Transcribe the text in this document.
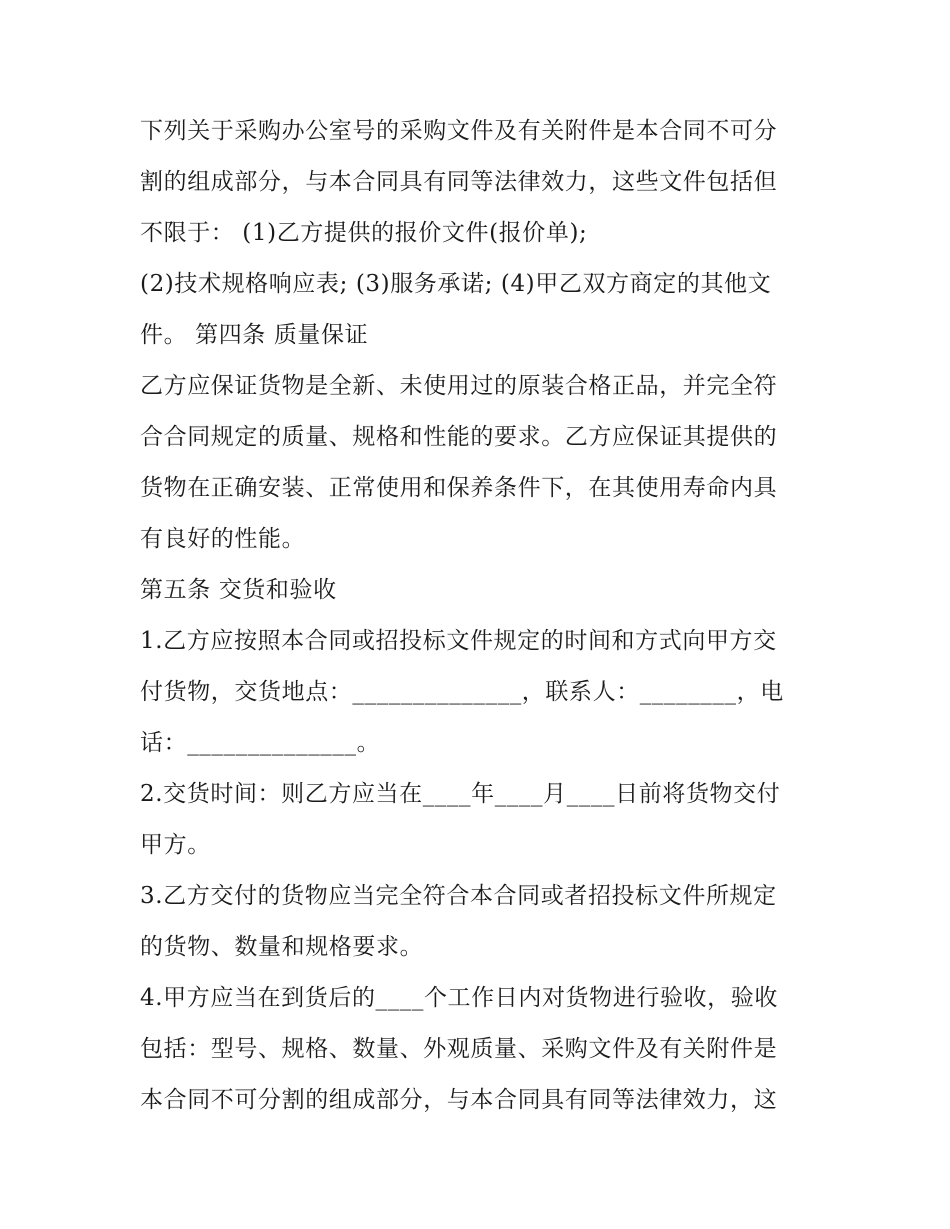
下列关于采购办公室号的采购文件及有关附件是本合同不可分
割的组成部分，与本合同具有同等法律效力，这些文件包括但
不限于： (1)乙方提供的报价文件(报价单);
(2)技术规格响应表; (3)服务承诺; (4)甲乙双方商定的其他文
件。 第四条 质量保证
乙方应保证货物是全新、未使用过的原装合格正品，并完全符
合合同规定的质量、规格和性能的要求。乙方应保证其提供的
货物在正确安装、正常使用和保养条件下，在其使用寿命内具
有良好的性能。
第五条 交货和验收
1.乙方应按照本合同或招投标文件规定的时间和方式向甲方交
付货物，交货地点：______________，联系人：________，电
话：______________。
2.交货时间：则乙方应当在____年____月____日前将货物交付
甲方。
3.乙方交付的货物应当完全符合本合同或者招投标文件所规定
的货物、数量和规格要求。
4.甲方应当在到货后的____个工作日内对货物进行验收，验收
包括：型号、规格、数量、外观质量、采购文件及有关附件是
本合同不可分割的组成部分，与本合同具有同等法律效力，这
